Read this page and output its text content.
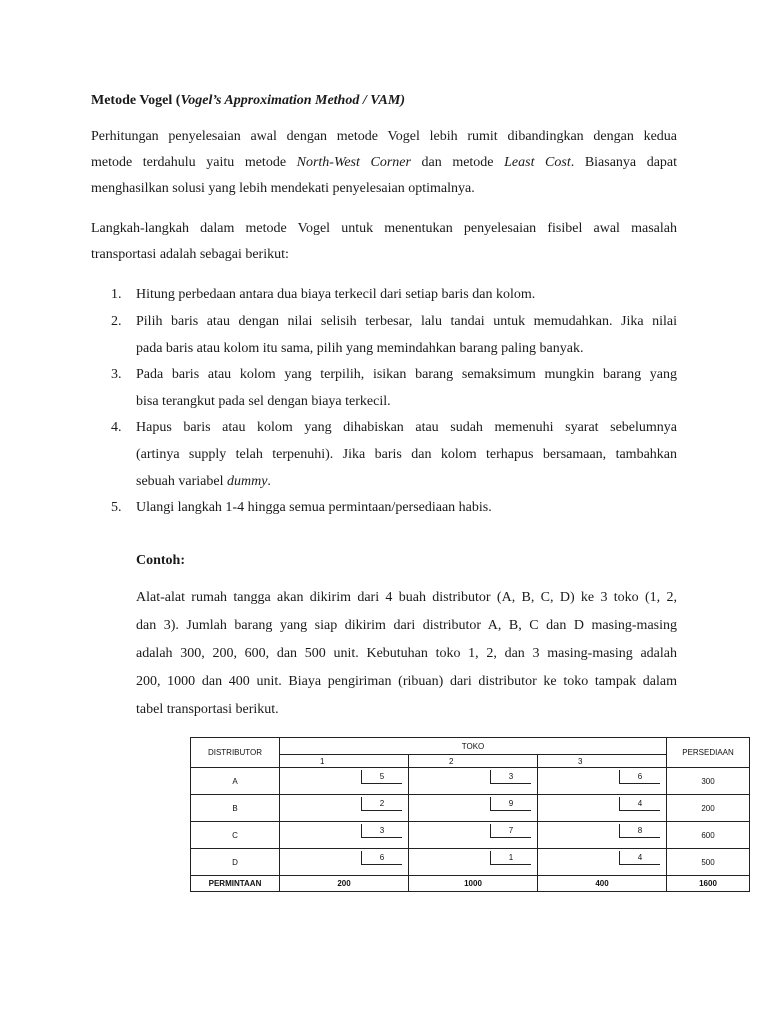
Metode Vogel (Vogel’s Approximation Method / VAM)
Perhitungan penyelesaian awal dengan metode Vogel lebih rumit dibandingkan dengan kedua
metode terdahulu yaitu metode North-West Corner dan metode Least Cost. Biasanya dapat
menghasilkan solusi yang lebih mendekati penyelesaian optimalnya.
Langkah-langkah dalam metode Vogel untuk menentukan penyelesaian fisibel awal masalah
transportasi adalah sebagai berikut:
1. Hitung perbedaan antara dua biaya terkecil dari setiap baris dan kolom.
2. Pilih baris atau dengan nilai selisih terbesar, lalu tandai untuk memudahkan. Jika nilai
pada baris atau kolom itu sama, pilih yang memindahkan barang paling banyak.
3. Pada baris atau kolom yang terpilih, isikan barang semaksimum mungkin barang yang
bisa terangkut pada sel dengan biaya terkecil.
4. Hapus baris atau kolom yang dihabiskan atau sudah memenuhi syarat sebelumnya
(artinya supply telah terpenuhi). Jika baris dan kolom terhapus bersamaan, tambahkan
sebuah variabel dummy.
5. Ulangi langkah 1-4 hingga semua permintaan/persediaan habis.
Contoh:
Alat-alat rumah tangga akan dikirim dari 4 buah distributor (A, B, C, D) ke 3 toko (1, 2,
dan 3). Jumlah barang yang siap dikirim dari distributor A, B, C dan D masing-masing
adalah 300, 200, 600, dan 500 unit. Kebutuhan toko 1, 2, dan 3 masing-masing adalah
200, 1000 dan 400 unit. Biaya pengiriman (ribuan) dari distributor ke toko tampak dalam
tabel transportasi berikut.
DISTRIBUTOR	TOKO			PERSEDIAAN
	1	2	3	
A	5	3	6	300
B	2	9	4	200
C	3	7	8	600
D	6	1	4	500
PERMINTAAN	200	1000	400	1600
